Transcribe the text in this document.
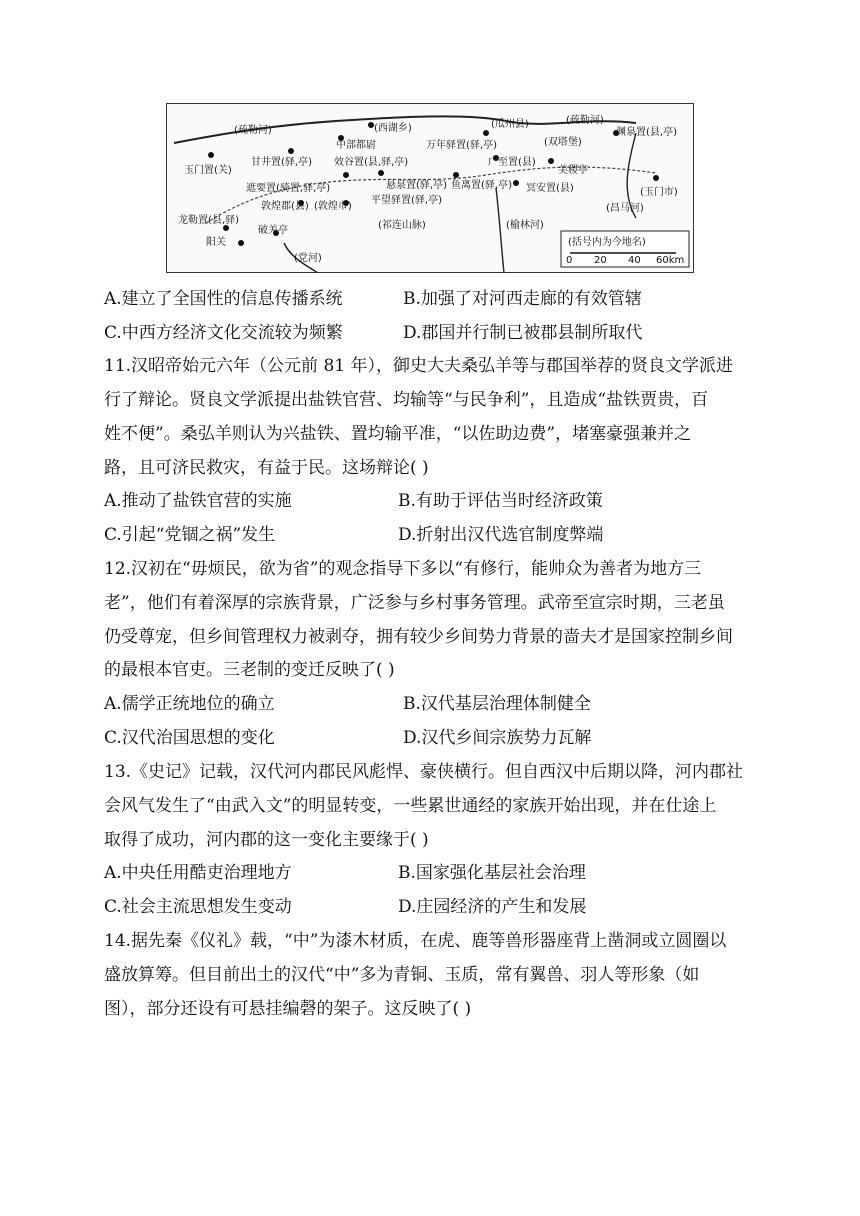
(疏勒河)	(西湖乡)	(瓜州县)	(疏勒河)
中部都尉	万年驿置(驿,亭)
广至置(县)
(双塔堡)
渊泉置(县,亭)
玉门置(关)
甘井置(驿,亭) 效谷置(县,驿,亭)
美稷亭
悬泉置(驿,亭) 鱼离置(驿,亭) 冥安置(县)	(玉门市)
遮要置(骑置,驿,亭)
敦煌郡(县) (敦煌市)
平望驿置(驿,亭)
龙勒置(县,驿)	(祁连山脉)
阳关
破羌亭
(党河)
(榆林河)
(昌马河)
(括号内为今地名)
0 20 40 60km
A.建立了全国性的信息传播系统	B.加强了对河西走廊的有效管辖
C.中西方经济文化交流较为频繁	D.郡国并行制已被郡县制所取代
11.汉昭帝始元六年（公元前 81 年），御史大夫桑弘羊等与郡国举荐的贤良文学派进
行了辩论。贤良文学派提出盐铁官营、均输等“与民争利”，且造成“盐铁贾贵，百
姓不便”。桑弘羊则认为兴盐铁、置均输平准，“以佐助边费”，堵塞豪强兼并之
路，且可济民救灾，有益于民。这场辩论( )
A.推动了盐铁官营的实施	B.有助于评估当时经济政策
C.引起“党锢之祸”发生	D.折射出汉代选官制度弊端
12.汉初在“毋烦民，欲为省”的观念指导下多以“有修行，能帅众为善者为地方三
老”，他们有着深厚的宗族背景，广泛参与乡村事务管理。武帝至宣宗时期，三老虽
仍受尊宠，但乡间管理权力被剥夺，拥有较少乡间势力背景的啬夫才是国家控制乡间
的最根本官吏。三老制的变迁反映了( )
A.儒学正统地位的确立	B.汉代基层治理体制健全
C.汉代治国思想的变化	D.汉代乡间宗族势力瓦解
13.《史记》记载，汉代河内郡民风彪悍、豪侠横行。但自西汉中后期以降，河内郡社
会风气发生了“由武入文”的明显转变，一些累世通经的家族开始出现，并在仕途上
取得了成功，河内郡的这一变化主要缘于( )
A.中央任用酷吏治理地方	B.国家强化基层社会治理
C.社会主流思想发生变动	D.庄园经济的产生和发展
14.据先秦《仪礼》载，“中”为漆木材质，在虎、鹿等兽形器座背上凿洞或立圆圈以
盛放算筹。但目前出土的汉代“中”多为青铜、玉质，常有翼兽、羽人等形象（如
图），部分还设有可悬挂编磬的架子。这反映了( )
